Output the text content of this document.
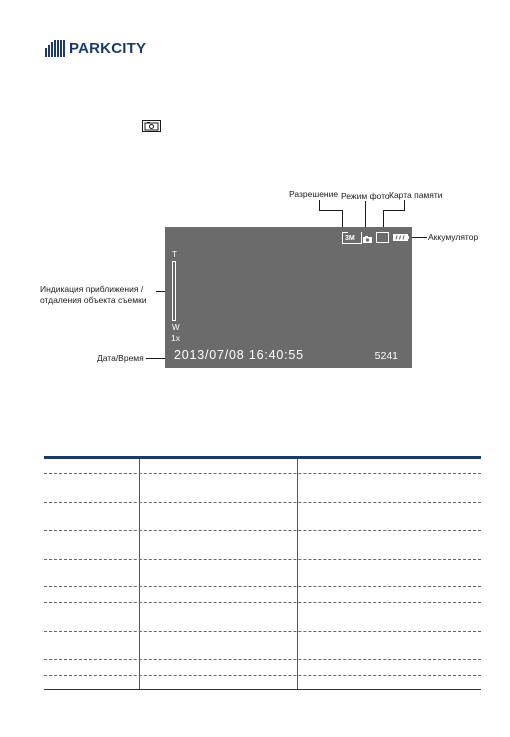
PARKCITY
Разрешение Режим фото Карта памяти
Аккумулятор
Индикация приближения /
отдаления объекта съемки
Дата/Время
T
W
1x
3M
2013/07/08 16:40:55	5241
